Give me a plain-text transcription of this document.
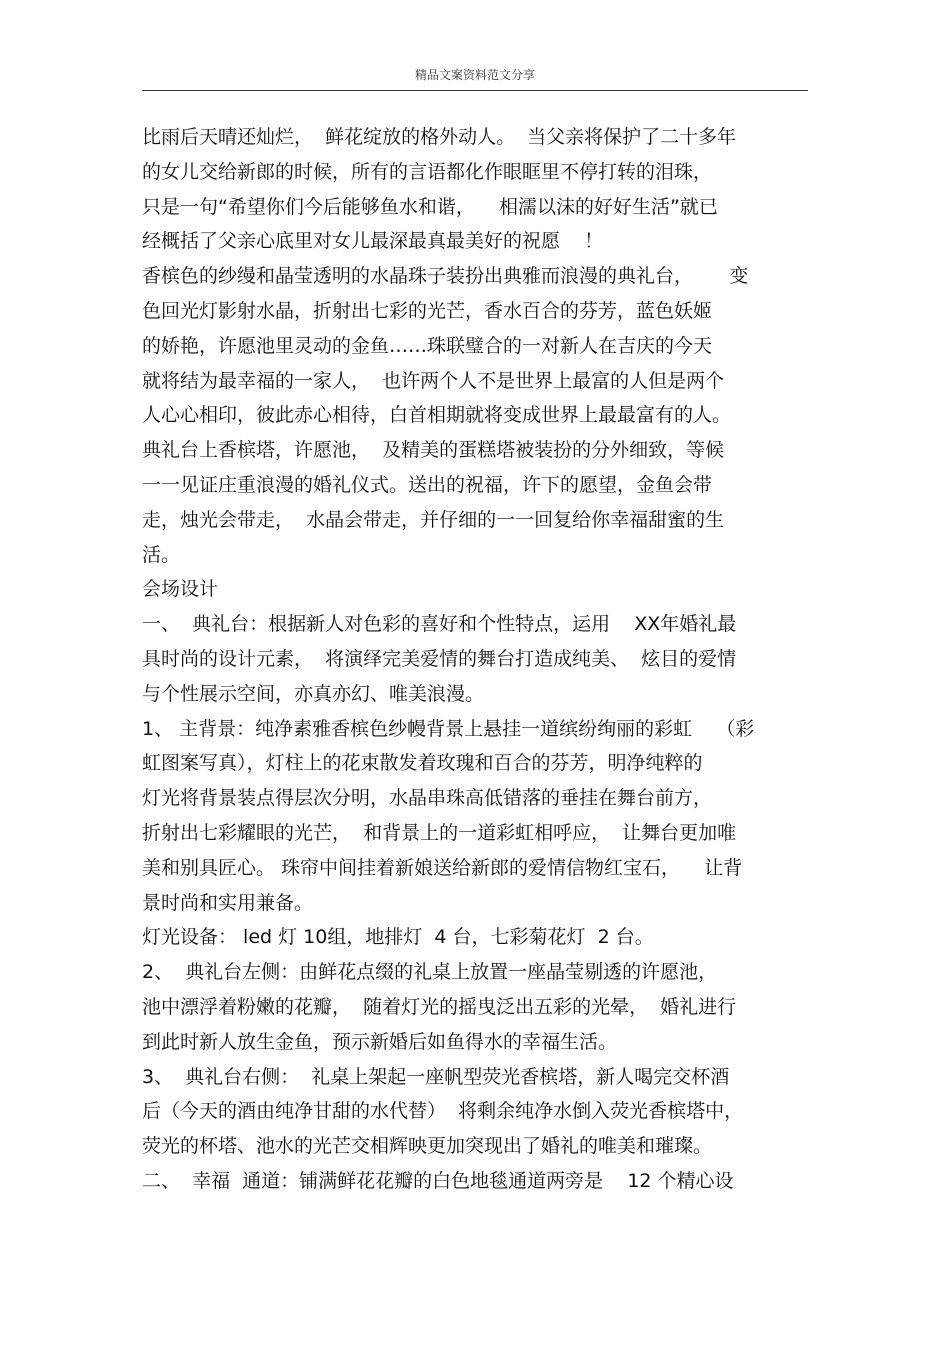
精品文案资料范文分享
比雨后天晴还灿烂，  鲜花绽放的格外动人。  当父亲将保护了二十多年
的女儿交给新郎的时候，所有的言语都化作眼眶里不停打转的泪珠，
只是一句“希望你们今后能够鱼水和谐，    相濡以沫的好好生活”就已
经概括了父亲心底里对女儿最深最真最美好的祝愿    ！
香槟色的纱缦和晶莹透明的水晶珠子装扮出典雅而浪漫的典礼台，      变
色回光灯影射水晶，折射出七彩的光芒，香水百合的芬芳，蓝色妖姬
的娇艳，许愿池里灵动的金鱼……珠联璧合的一对新人在吉庆的今天
就将结为最幸福的一家人，  也许两个人不是世界上最富的人但是两个
人心心相印，彼此赤心相待，白首相期就将变成世界上最最富有的人。
典礼台上香槟塔，许愿池，  及精美的蛋糕塔被装扮的分外细致，等候
一一见证庄重浪漫的婚礼仪式。送出的祝福，许下的愿望，金鱼会带
走，烛光会带走，  水晶会带走，并仔细的一一回复给你幸福甜蜜的生
活。
会场设计
一、  典礼台：根据新人对色彩的喜好和个性特点，运用    XX年婚礼最
具时尚的设计元素，  将演绎完美爱情的舞台打造成纯美、  炫目的爱情
与个性展示空间，亦真亦幻、唯美浪漫。
1、 主背景：纯净素雅香槟色纱幔背景上悬挂一道缤纷绚丽的彩虹    （彩
虹图案写真），灯柱上的花束散发着玫瑰和百合的芬芳，明净纯粹的
灯光将背景装点得层次分明，水晶串珠高低错落的垂挂在舞台前方，
折射出七彩耀眼的光芒，  和背景上的一道彩虹相呼应，  让舞台更加唯
美和别具匠心。 珠帘中间挂着新娘送给新郎的爱情信物红宝石，    让背
景时尚和实用兼备。
灯光设备： led 灯 10组，地排灯  4 台，七彩菊花灯  2 台。
2、  典礼台左侧：由鲜花点缀的礼桌上放置一座晶莹剔透的许愿池，
池中漂浮着粉嫩的花瓣，  随着灯光的摇曳泛出五彩的光晕，  婚礼进行
到此时新人放生金鱼，预示新婚后如鱼得水的幸福生活。
3、  典礼台右侧：  礼桌上架起一座帆型荧光香槟塔，新人喝完交杯酒
后（今天的酒由纯净甘甜的水代替）  将剩余纯净水倒入荧光香槟塔中，
荧光的杯塔、池水的光芒交相辉映更加突现出了婚礼的唯美和璀璨。
二、  幸福  通道：铺满鲜花花瓣的白色地毯通道两旁是    12 个精心设
